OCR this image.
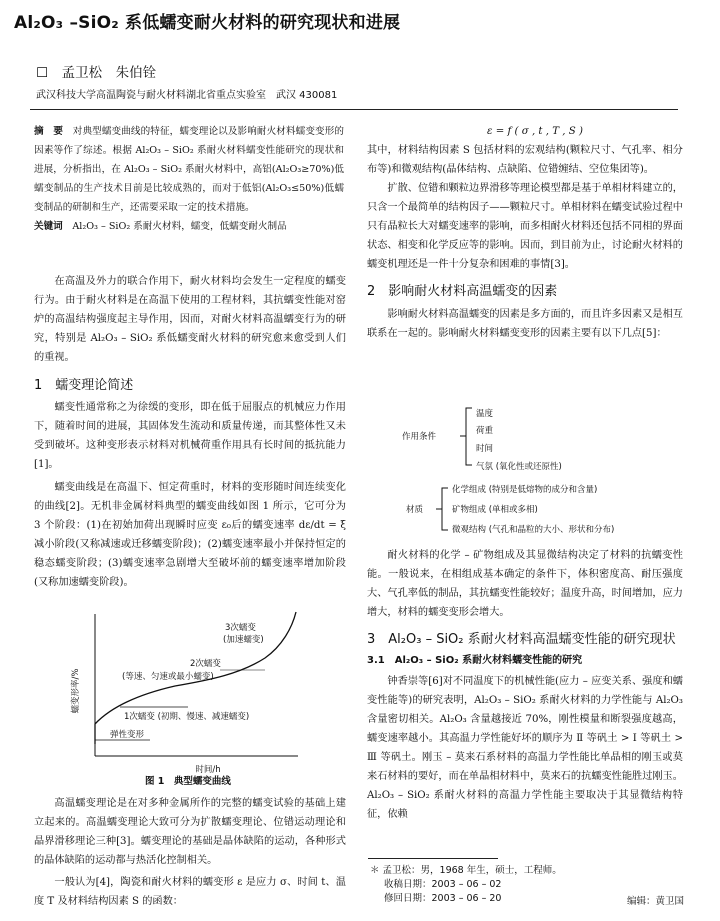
Al₂O₃ –SiO₂ 系低蠕变耐火材料的研究现状和进展
☐　孟卫松　朱伯铨
武汉科技大学高温陶瓷与耐火材料湖北省重点实验室　武汉 430081
摘　要　 对典型蠕变曲线的特征，蠕变理论以及影响耐火材料蠕变变形的因素等作了综述。根据 Al₂O₃ – SiO₂ 系耐火材料蠕变性能研究的现状和进展，分析指出，在 Al₂O₃ – SiO₂ 系耐火材料中，高铝(Al₂O₃≥70%)低蠕变制品的生产技术目前是比较成熟的，而对于低铝(Al₂O₃≤50%)低蠕变制品的研制和生产，还需要采取一定的技术措施。
关键词　 Al₂O₃ – SiO₂ 系耐火材料，蠕变，低蠕变耐火制品

在高温及外力的联合作用下，耐火材料均会发生一定程度的蠕变行为。由于耐火材料是在高温下使用的工程材料，其抗蠕变性能对窑炉的高温结构强度起主导作用，因而，对耐火材料高温蠕变行为的研究，特别是 Al₂O₃ – SiO₂ 系低蠕变耐火材料的研究愈来愈受到人们的重视。

1　蠕变理论简述

蠕变性通常称之为徐缓的变形，即在低于屈服点的机械应力作用下，随着时间的进展，其固体发生流动和质量传递，而其整体性又未受到破坏。这种变形表示材料对机械荷重作用具有长时间的抵抗能力[1]。

蠕变曲线是在高温下、恒定荷重时，材料的变形随时间连续变化的曲线[2]。无机非金属材料典型的蠕变曲线如图 1 所示，它可分为 3 个阶段：(1)在初始加荷出现瞬时应变 ε₀后的蠕变速率 dε/dt = ξ 减小阶段(又称减速或迁移蠕变阶段)；(2)蠕变速率最小并保持恒定的稳态蠕变阶段；(3)蠕变速率急剧增大至破坏前的蠕变速率增加阶段(又称加速蠕变阶段)。

蠕变形率/%
时间/h
3次蠕变
(加速蠕变)
2次蠕变
(等速、匀速或最小蠕变)
1次蠕变 (初期、慢速、减速蠕变)
弹性变形
图 1　典型蠕变曲线

高温蠕变理论是在对多种金属所作的完整的蠕变试验的基础上建立起来的。高温蠕变理论大致可分为扩散蠕变理论、位错运动理论和晶界滑移理论三种[3]。蠕变理论的基础是晶体缺陷的运动，各种形式的晶体缺陷的运动都与热活化控制相关。

一般认为[4]，陶瓷和耐火材料的蠕变形 ε 是应力 σ、时间 t、温度 T 及材料结构因素 S 的函数：

ε = f ( σ , t , T , S )

其中，材料结构因素 S 包括材料的宏观结构(颗粒尺寸、气孔率、相分布等)和微观结构(晶体结构、点缺陷、位错缠结、空位集团等)。

扩散、位错和颗粒边界滑移等理论模型都是基于单相材料建立的，只含一个最简单的结构因子——颗粒尺寸。单相材料在蠕变试验过程中只有晶粒长大对蠕变速率的影响，而多相耐火材料还包括不同相的界面状态、相变和化学反应等的影响。因而，到目前为止，讨论耐火材料的蠕变机理还是一件十分复杂和困难的事情[3]。

2　影响耐火材料高温蠕变的因素

影响耐火材料高温蠕变的因素是多方面的，而且许多因素又是相互联系在一起的。影响耐火材料蠕变变形的因素主要有以下几点[5]：

作用条件
温度
荷重
时间
气氛 (氧化性或还原性)
材质
化学组成 (特别是低熔物的成分和含量)
矿物组成 (单相或多相)
微观结构 (气孔和晶粒的大小、形状和分布)

耐火材料的化学 – 矿物组成及其显微结构决定了材料的抗蠕变性能。一般说来，在相组成基本确定的条件下，体积密度高、耐压强度大、气孔率低的制品，其抗蠕变性能较好；温度升高，时间增加，应力增大，材料的蠕变变形会增大。

3　Al₂O₃ – SiO₂ 系耐火材料高温蠕变性能的研究现状
3.1　Al₂O₃ – SiO₂ 系耐火材料蠕变性能的研究

钟香崇等[6]对不同温度下的机械性能(应力 – 应变关系、强度和蠕变性能等)的研究表明，Al₂O₃ – SiO₂ 系耐火材料的力学性能与 Al₂O₃ 含量密切相关。Al₂O₃ 含量越接近 70%，刚性模量和断裂强度越高，蠕变速率越小。其高温力学性能好坏的顺序为 Ⅱ 等矾土 > Ⅰ 等矾土 > Ⅲ 等矾土。刚玉 – 莫来石系材料的高温力学性能比单晶相的刚玉或莫来石材料的要好，而在单晶相材料中，莫来石的抗蠕变性能胜过刚玉。Al₂O₃ – SiO₂ 系耐火材料的高温力学性能主要取决于其显微结构特征，依赖

＊ 孟卫松：男，1968 年生，硕士，工程师。
收稿日期：2003 – 06 – 02
修回日期：2003 – 06 – 20	编辑：黄卫国
